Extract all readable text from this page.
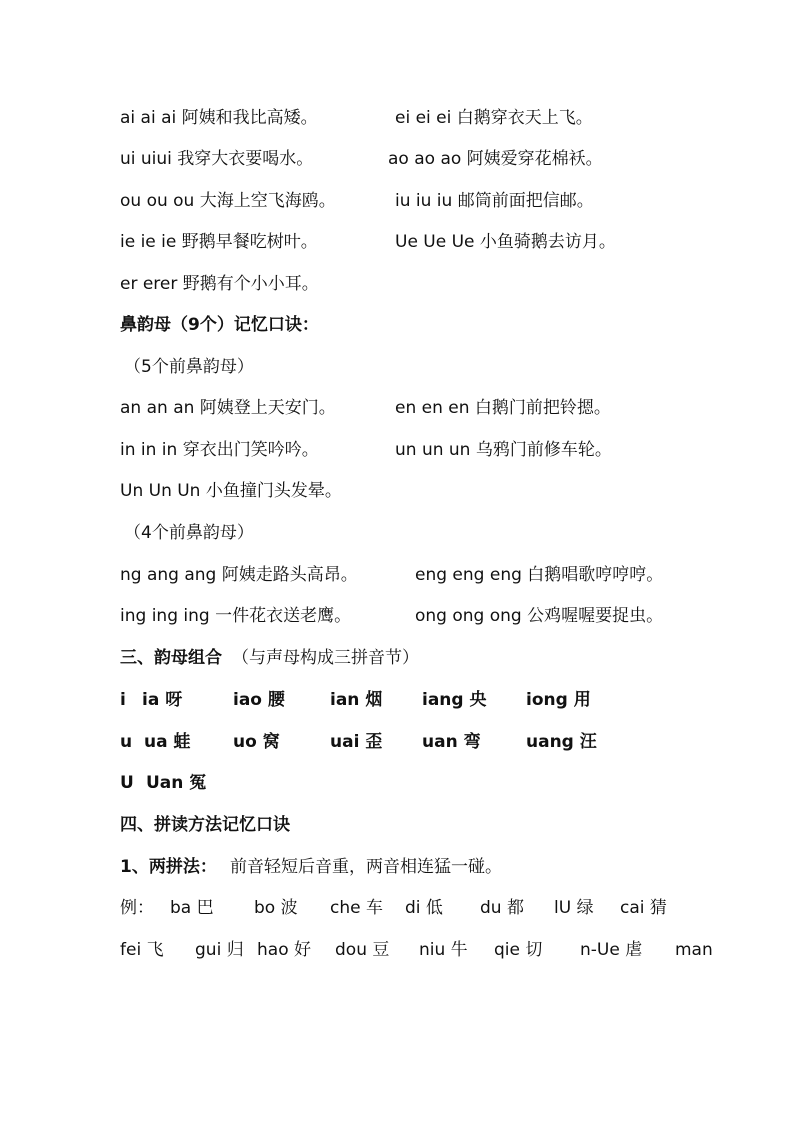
ai ai ai 阿姨和我比高矮。	ei ei ei 白鹅穿衣天上飞。
ui uiui 我穿大衣要喝水。	ao ao ao 阿姨爱穿花棉袄。
ou ou ou 大海上空飞海鸥。	iu iu iu 邮筒前面把信邮。
ie ie ie 野鹅早餐吃树叶。	Ue Ue Ue 小鱼骑鹅去访月。
er erer 野鹅有个小小耳。
鼻韵母（9个）记忆口诀：
（5个前鼻韵母）
an an an 阿姨登上天安门。	en en en 白鹅门前把铃摁。
in in in 穿衣出门笑吟吟。	un un un 乌鸦门前修车轮。
Un Un Un 小鱼撞门头发晕。
（4个前鼻韵母）
ng ang ang 阿姨走路头高昂。	eng eng eng 白鹅唱歌哼哼哼。
ing ing ing 一件花衣送老鹰。	ong ong ong 公鸡喔喔要捉虫。
三、韵母组合 （与声母构成三拼音节）
i ia 呀	iao 腰	ian 烟 iang 央 iong 用
u ua 蛙	uo 窝	uai 歪 uan 弯	uang 汪
U Uan 冤
四、拼读方法记忆口诀
1、两拼法： 前音轻短后音重，两音相连猛一碰。
例： ba 巴 bo 波 che 车 di 低 du 都 lU 绿 cai 猜
fei 飞 gui 归 hao 好 dou 豆 niu 牛 qie 切 n-Ue 虐 man
